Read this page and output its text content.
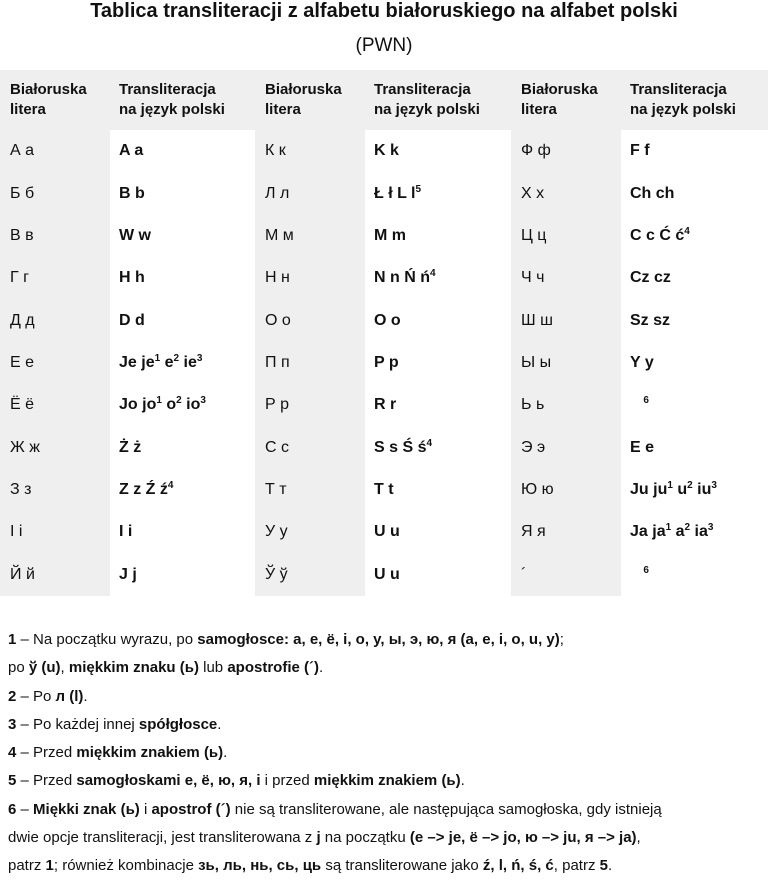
Tablica transliteracji z alfabetu białoruskiego na alfabet polski
(PWN)
Białoruska
litera
А а
Б б
В в
Г г
Д д
Е е
Ё ё
Ж ж
З з
І і
Й й
Transliteracja
na język polski
A a
B b
W w
H h
D d
Je $je^1$ $e^2$ $ie^3$
Jo $jo^1$ $o^2$ $io^3$
Ż ż
Z z Ź $ź^4$
I i
J j
Białoruska
litera
К к
Л л
М м
Н н
О о
П п
Р р
С с
Т т
У у
Ў ў
Transliteracja
na język polski
K k
Ł ł L $l^5$
M m
N n Ń $ń^4$
O o
P p
R r
S s Ś $ś^4$
T t
U u
U u
Białoruska
litera
Ф ф
Х х
Ц ц
Ч ч
Ш ш
Ы ы
Ь ь
Э э
Ю ю
Я я
´
Transliteracja
na język polski
F f
Ch ch
C c Ć $ć^4$
Cz cz
Sz sz
Y y
$^6$
E e
Ju $ju^1$ $u^2$ $iu^3$
Ja $ja^1$ $a^2$ $ia^3$
$^6$

1 – Na początku wyrazu, po samogłosce: а, е, ё, і, о, у, ы, э, ю, я (a, e, i, o, u, y);

po ў (u), miękkim znaku (ь) lub apostrofie (´).

2 – Po л (l).

3 – Po każdej innej spółgłosce.

4 – Przed miękkim znakiem (ь).

5 – Przed samogłoskami е, ё, ю, я, і i przed miękkim znakiem (ь).

6 – Miękki znak (ь) i apostrof (´) nie są transliterowane, ale następująca samogłoska, gdy istnieją

dwie opcje transliteracji, jest transliterowana z j na początku (е –> je, ё –> jo, ю –> ju, я –> ja),

patrz 1; również kombinacje зь, ль, нь, сь, ць są transliterowane jako ź, l, ń, ś, ć, patrz 5.
